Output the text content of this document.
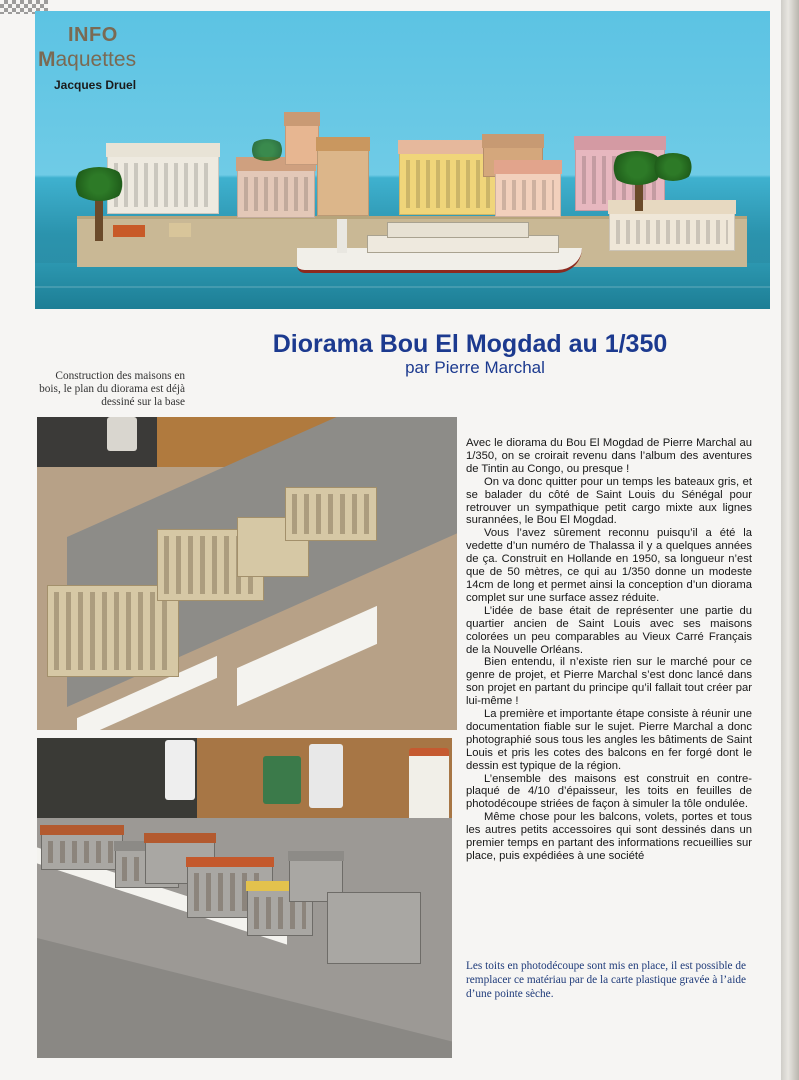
INFO
Maquettes
Jacques Druel
Diorama Bou El Mogdad au 1/350
par Pierre Marchal
Construction des maisons en bois, le plan du diorama est déjà dessiné sur la base

Avec le diorama du Bou El Mogdad de Pierre Marchal au 1/350, on se croirait revenu dans l’album des aventures de Tintin au Congo, ou presque !

On va donc quitter pour un temps les bateaux gris, et se balader du côté de Saint Louis du Sénégal pour retrouver un sympathique petit cargo mixte aux lignes surannées, le Bou El Mogdad.

Vous l’avez sûrement reconnu puisqu’il a été la vedette d’un numéro de Thalassa il y a quelques années de ça. Construit en Hollande en 1950, sa longueur n’est que de 50 mètres, ce qui au 1/350 donne un modeste 14cm de long et permet ainsi la conception d’un diorama complet sur une surface assez réduite.

L’idée de base était de représenter une partie du quartier ancien de Saint Louis avec ses maisons colorées un peu comparables au Vieux Carré Français de la Nouvelle Orléans.

Bien entendu, il n’existe rien sur le marché pour ce genre de projet, et Pierre Marchal s’est donc lancé dans son projet en partant du principe qu’il fallait tout créer par lui-même !

La première et importante étape consiste à réunir une documentation fiable sur le sujet. Pierre Marchal a donc photographié sous tous les angles les bâtiments de Saint Louis et pris les cotes des balcons en fer forgé dont le dessin est typique de la région.

L’ensemble des maisons est construit en contre-plaqué de 4/10 d’épaisseur, les toits en feuilles de photodécoupe striées de façon à simuler la tôle ondulée.

Même chose pour les balcons, volets, portes et tous les autres petits accessoires qui sont dessinés dans un premier temps en partant des informations recueillies sur place, puis expédiées à une société

Les toits en photodécoupe sont mis en place, il est possible de remplacer ce matériau par de la carte plastique gravée à l’aide d’une pointe sèche.
